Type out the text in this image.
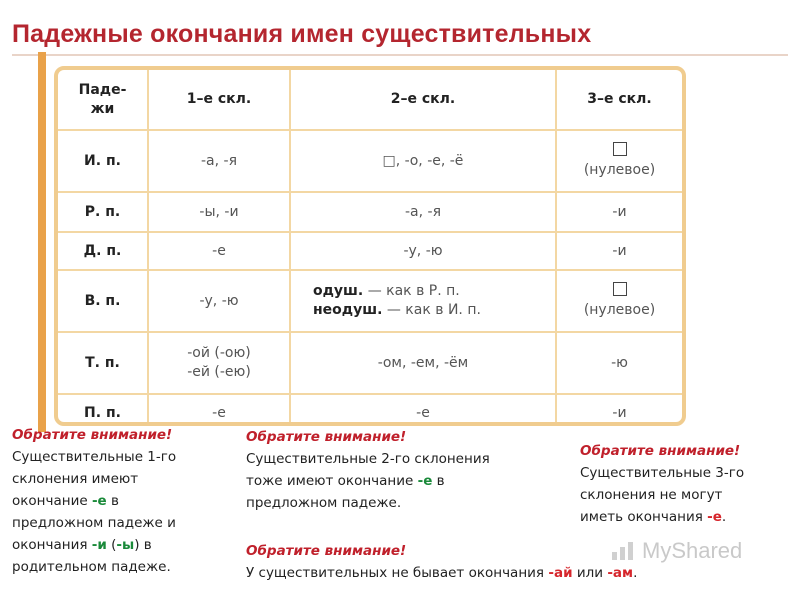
Падежные окончания имен существительных
Паде-
жи	1–е скл.	2–е скл.	3–е скл.
И. п.	-а, -я	□, -о, -е, -ё	(нулевое)
Р. п.	-ы, -и	-а, -я	-и
Д. п.	-е	-у, -ю	-и
В. п.	-у, -ю	одуш. — как в Р. п.
неодуш. — как в И. п.	(нулевое)
Т. п.	-ой (-ою)
-ей (-ею)	-ом, -ем, -ём	-ю
П. п.	-е	-е	-и
Обратите внимание!
Существительные 1-го
склонения имеют
окончание -е в
предложном падеже и
окончания -и (-ы) в
родительном падеже.
Обратите внимание!
Существительные 2-го склонения
тоже имеют окончание -е в
предложном падеже.
Обратите внимание!
Существительные 3-го
склонения не могут
иметь окончания -е.
Обратите внимание!
У существительных не бывает окончания -ай или -ам.
MyShared
